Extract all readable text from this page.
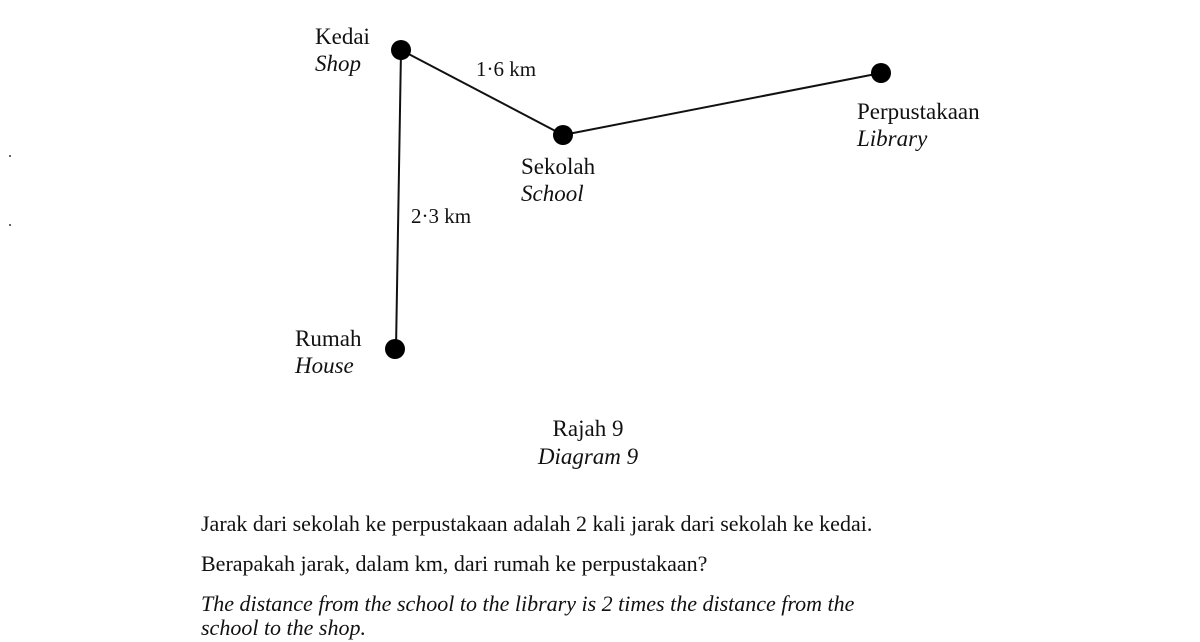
Kedai
Shop
Sekolah
School
Perpustakaan
Library
Rumah
House
1·6 km
2·3 km
Rajah 9
Diagram 9
Jarak dari sekolah ke perpustakaan adalah 2 kali jarak dari sekolah ke kedai.
Berapakah jarak, dalam km, dari rumah ke perpustakaan?
The distance from the school to the library is 2 times the distance from the
school to the shop.
